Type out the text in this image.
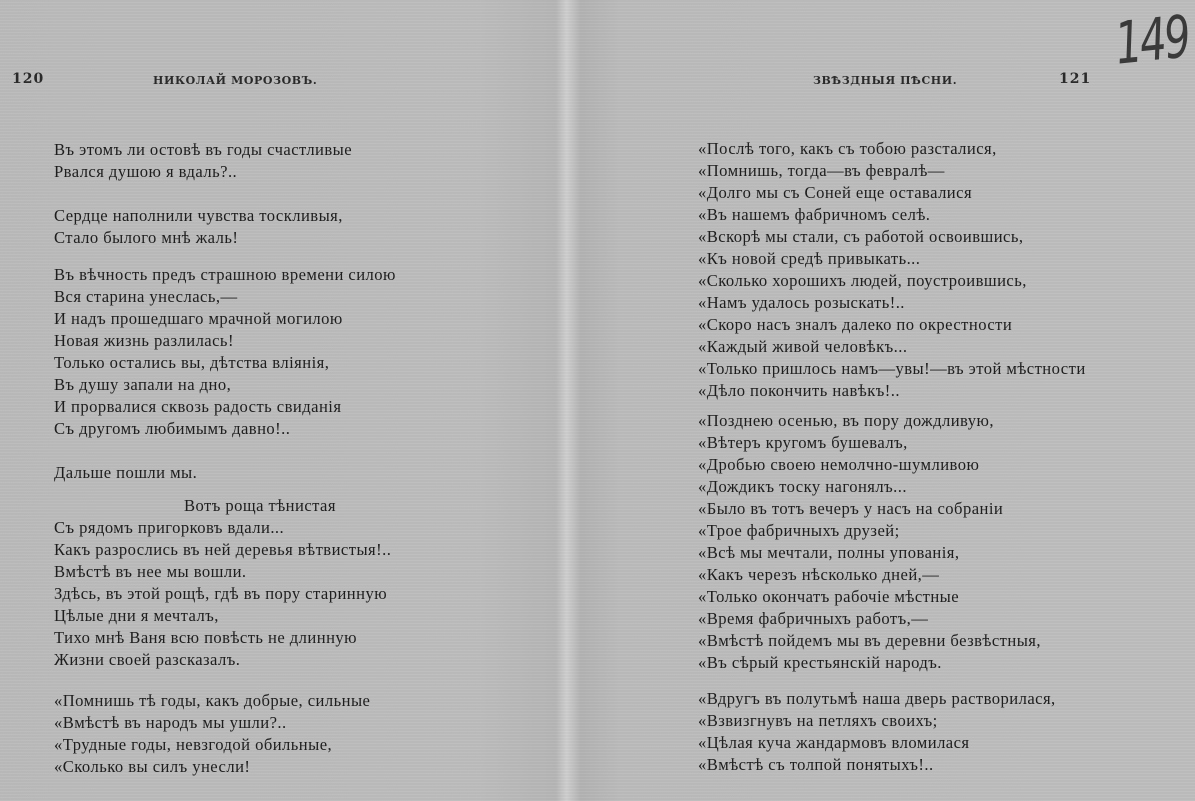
120	НИКОЛАЙ МОРОЗОВЪ.
Въ этомъ ли остовѣ въ годы счастливые
Рвался душою я вдаль?..
Сердце наполнили чувства тоскливыя,
Стало былого мнѣ жаль!
Въ вѣчность предъ страшною времени силою
Вся старина унеслась,—
И надъ прошедшаго мрачной могилою
Новая жизнь разлилась!
Только остались вы, дѣтства влiянiя,
Въ душу запали на дно,
И прорвалися сквозь радость свиданiя
Съ другомъ любимымъ давно!..
Дальше пошли мы.
Вотъ роща тѣнистая
Съ рядомъ пригорковъ вдали...
Какъ разрослись въ ней деревья вѣтвистыя!..
Вмѣстѣ въ нее мы вошли.
Здѣсь, въ этой рощѣ, гдѣ въ пору старинную
Цѣлые дни я мечталъ,
Тихо мнѣ Ваня всю повѣсть не длинную
Жизни своей разсказалъ.
«Помнишь тѣ годы, какъ добрые, сильные
«Вмѣстѣ въ народъ мы ушли?..
«Трудные годы, невзгодой обильные,
«Сколько вы силъ унесли!
ЗВѢЗДНЫЯ ПѢСНИ.	121
«Послѣ того, какъ съ тобою разсталися,
«Помнишь, тогда—въ февралѣ—
«Долго мы съ Соней еще оставалися
«Въ нашемъ фабричномъ селѣ.
«Вскорѣ мы стали, съ работой освоившись,
«Къ новой средѣ привыкать...
«Сколько хорошихъ людей, поустроившись,
«Намъ удалось розыскать!..
«Скоро насъ зналъ далеко по окрестности
«Каждый живой человѣкъ...
«Только пришлось намъ—увы!—въ этой мѣстности
«Дѣло покончить навѣкъ!..
«Позднею осенью, въ пору дождливую,
«Вѣтеръ кругомъ бушевалъ,
«Дробью своею немолчно-шумливою
«Дождикъ тоску нагонялъ...
«Было въ тотъ вечеръ у насъ на собранiи
«Трое фабричныхъ друзей;
«Всѣ мы мечтали, полны упованiя,
«Какъ черезъ нѣсколько дней,—
«Только окончатъ рабочiе мѣстные
«Время фабричныхъ работъ,—
«Вмѣстѣ пойдемъ мы въ деревни безвѣстныя,
«Въ сѣрый крестьянскiй народъ.
«Вдругъ въ полутьмѣ наша дверь растворилася,
«Взвизгнувъ на петляхъ своихъ;
«Цѣлая куча жандармовъ вломилася
«Вмѣстѣ съ толпой понятыхъ!..
149
